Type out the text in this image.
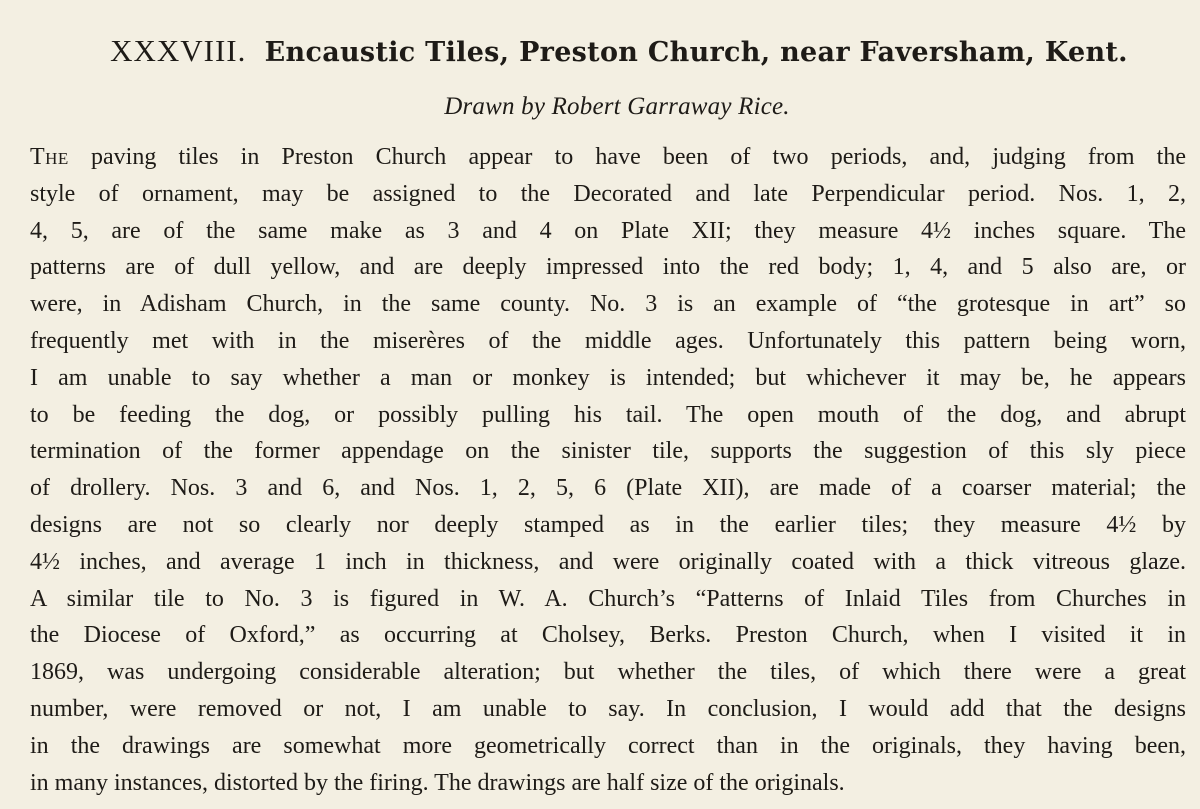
XXXVIII. Encaustic Tiles, Preston Church, near Faversham, Kent.
Drawn by Robert Garraway Rice.
The paving tiles in Preston Church appear to have been of two periods, and, judging from the
style of ornament, may be assigned to the Decorated and late Perpendicular period. Nos. 1, 2,
4, 5, are of the same make as 3 and 4 on Plate XII; they measure 4½ inches square. The
patterns are of dull yellow, and are deeply impressed into the red body; 1, 4, and 5 also are, or
were, in Adisham Church, in the same county. No. 3 is an example of “the grotesque in art” so
frequently met with in the miserères of the middle ages. Unfortunately this pattern being worn,
I am unable to say whether a man or monkey is intended; but whichever it may be, he appears
to be feeding the dog, or possibly pulling his tail. The open mouth of the dog, and abrupt
termination of the former appendage on the sinister tile, supports the suggestion of this sly piece
of drollery. Nos. 3 and 6, and Nos. 1, 2, 5, 6 (Plate XII), are made of a coarser material; the
designs are not so clearly nor deeply stamped as in the earlier tiles; they measure 4½ by
4½ inches, and average 1 inch in thickness, and were originally coated with a thick vitreous glaze.
A similar tile to No. 3 is figured in W. A. Church’s “Patterns of Inlaid Tiles from Churches in
the Diocese of Oxford,” as occurring at Cholsey, Berks. Preston Church, when I visited it in
1869, was undergoing considerable alteration; but whether the tiles, of which there were a great
number, were removed or not, I am unable to say. In conclusion, I would add that the designs
in the drawings are somewhat more geometrically correct than in the originals, they having been,
in many instances, distorted by the firing. The drawings are half size of the originals.
